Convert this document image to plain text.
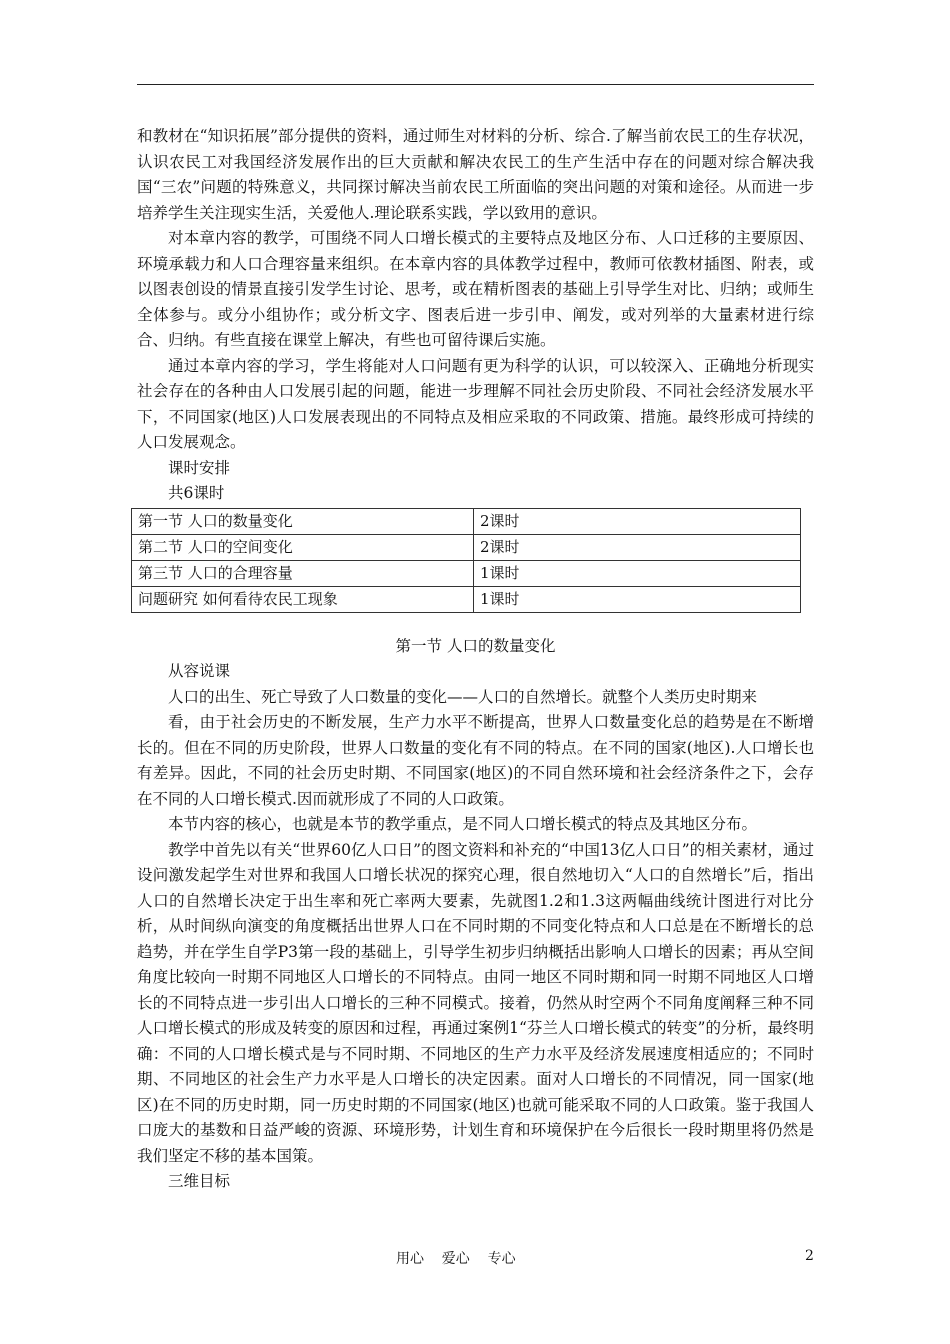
和教材在“知识拓展”部分提供的资料，通过师生对材料的分析、综合.了解当前农民工的生存状况，认识农民工对我国经济发展作出的巨大贡献和解决农民工的生产生活中存在的问题对综合解决我国“三农”问题的特殊意义，共同探讨解决当前农民工所面临的突出问题的对策和途径。从而进一步培养学生关注现实生活，关爱他人.理论联系实践，学以致用的意识。

对本章内容的教学，可围绕不同人口增长模式的主要特点及地区分布、人口迁移的主要原因、环境承载力和人口合理容量来组织。在本章内容的具体教学过程中，教师可依教材插图、附表，或以图表创设的情景直接引发学生讨论、思考，或在精析图表的基础上引导学生对比、归纳；或师生全体参与。或分小组协作；或分析文字、图表后进一步引申、阐发，或对列举的大量素材进行综合、归纳。有些直接在课堂上解决，有些也可留待课后实施。

通过本章内容的学习，学生将能对人口问题有更为科学的认识，可以较深入、正确地分析现实社会存在的各种由人口发展引起的问题，能进一步理解不同社会历史阶段、不同社会经济发展水平下，不同国家(地区)人口发展表现出的不同特点及相应采取的不同政策、措施。最终形成可持续的人口发展观念。

课时安排

共6课时

第一节 人口的数量变化	2课时
第二节 人口的空间变化	2课时
第三节 人口的合理容量	1课时
问题研究 如何看待农民工现象	1课时

第一节 人口的数量变化

从容说课

人口的出生、死亡导致了人口数量的变化——人口的自然增长。就整个人类历史时期来

看，由于社会历史的不断发展，生产力水平不断提高，世界人口数量变化总的趋势是在不断增长的。但在不同的历史阶段，世界人口数量的变化有不同的特点。在不同的国家(地区).人口增长也有差异。因此，不同的社会历史时期、不同国家(地区)的不同自然环境和社会经济条件之下，会存在不同的人口增长模式.因而就形成了不同的人口政策。

本节内容的核心，也就是本节的教学重点，是不同人口增长模式的特点及其地区分布。

教学中首先以有关“世界60亿人口日”的图文资料和补充的“中国13亿人口日”的相关素材，通过设问激发起学生对世界和我国人口增长状况的探究心理，很自然地切入“人口的自然增长”后，指出人口的自然增长决定于出生率和死亡率两大要素，先就图1.2和1.3这两幅曲线统计图进行对比分析，从时间纵向演变的角度概括出世界人口在不同时期的不同变化特点和人口总是在不断增长的总趋势，并在学生自学P3第一段的基础上，引导学生初步归纳概括出影响人口增长的因素；再从空间角度比较向一时期不同地区人口增长的不同特点。由同一地区不同时期和同一时期不同地区人口增长的不同特点进一步引出人口增长的三种不同模式。接着，仍然从时空两个不同角度阐释三种不同人口增长模式的形成及转变的原因和过程，再通过案例1“芬兰人口增长模式的转变”的分析，最终明确：不同的人口增长模式是与不同时期、不同地区的生产力水平及经济发展速度相适应的；不同时期、不同地区的社会生产力水平是人口增长的决定因素。面对人口增长的不同情况，同一国家(地区)在不同的历史时期，同一历史时期的不同国家(地区)也就可能采取不同的人口政策。鉴于我国人口庞大的基数和日益严峻的资源、环境形势，计划生育和环境保护在今后很长一段时期里将仍然是我们坚定不移的基本国策。

三维目标

用心    爱心    专心	2
